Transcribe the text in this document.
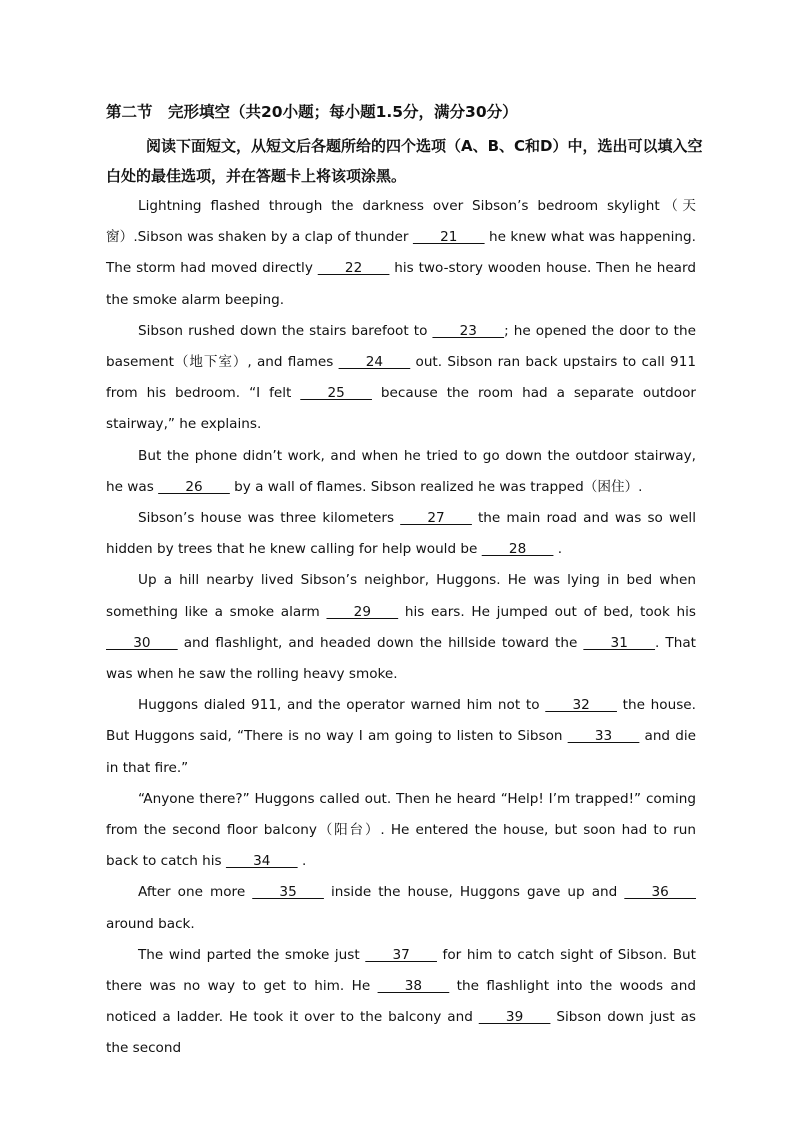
第二节　完形填空（共20小题；每小题1.5分，满分30分）
阅读下面短文，从短文后各题所给的四个选项（A、B、C和D）中，选出可以填入空白处的最佳选项，并在答题卡上将该项涂黑。

Lightning flashed through the darkness over Sibson’s bedroom skylight（天窗）.Sibson was shaken by a clap of thunder   21   he knew what was happening. The storm had moved directly   22   his two-story wooden house. Then he heard the smoke alarm beeping.

Sibson rushed down the stairs barefoot to   23  ; he opened the door to the basement（地下室）, and flames   24   out. Sibson ran back upstairs to call 911 from his bedroom. “I felt   25   because the room had a separate outdoor stairway,” he explains.

But the phone didn’t work, and when he tried to go down the outdoor stairway, he was   26   by a wall of flames. Sibson realized he was trapped（困住）.

Sibson’s house was three kilometers   27   the main road and was so well hidden by trees that he knew calling for help would be   28   .

Up a hill nearby lived Sibson’s neighbor, Huggons. He was lying in bed when something like a smoke alarm   29   his ears. He jumped out of bed, took his   30   and flashlight, and headed down the hillside toward the   31  . That was when he saw the rolling heavy smoke.

Huggons dialed 911, and the operator warned him not to   32   the house. But Huggons said, “There is no way I am going to listen to Sibson   33   and die in that fire.”

“Anyone there?” Huggons called out. Then he heard “Help! I’m trapped!” coming from the second floor balcony（阳台）. He entered the house, but soon had to run back to catch his   34   .

After one more   35   inside the house, Huggons gave up and   36   around back.

The wind parted the smoke just   37   for him to catch sight of Sibson. But there was no way to get to him. He   38   the flashlight into the woods and noticed a ladder. He took it over to the balcony and   39   Sibson down just as the second
